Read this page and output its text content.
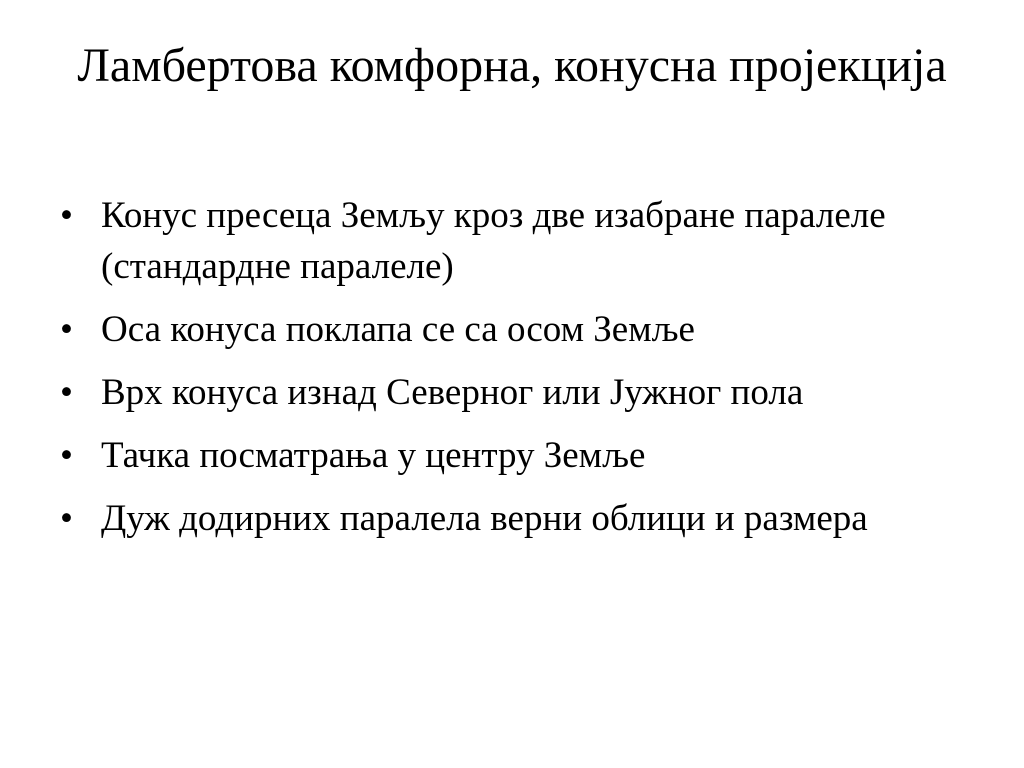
Ламбертова комфорна, конусна пројекција
• Конус пресеца Земљу кроз две изабране паралеле (стандардне паралеле)
• Оса конуса поклапа се са осом Земље
• Врх конуса изнад Северног или Јужног пола
• Тачка посматрања у центру Земље
• Дуж додирних паралела верни облици и размера
